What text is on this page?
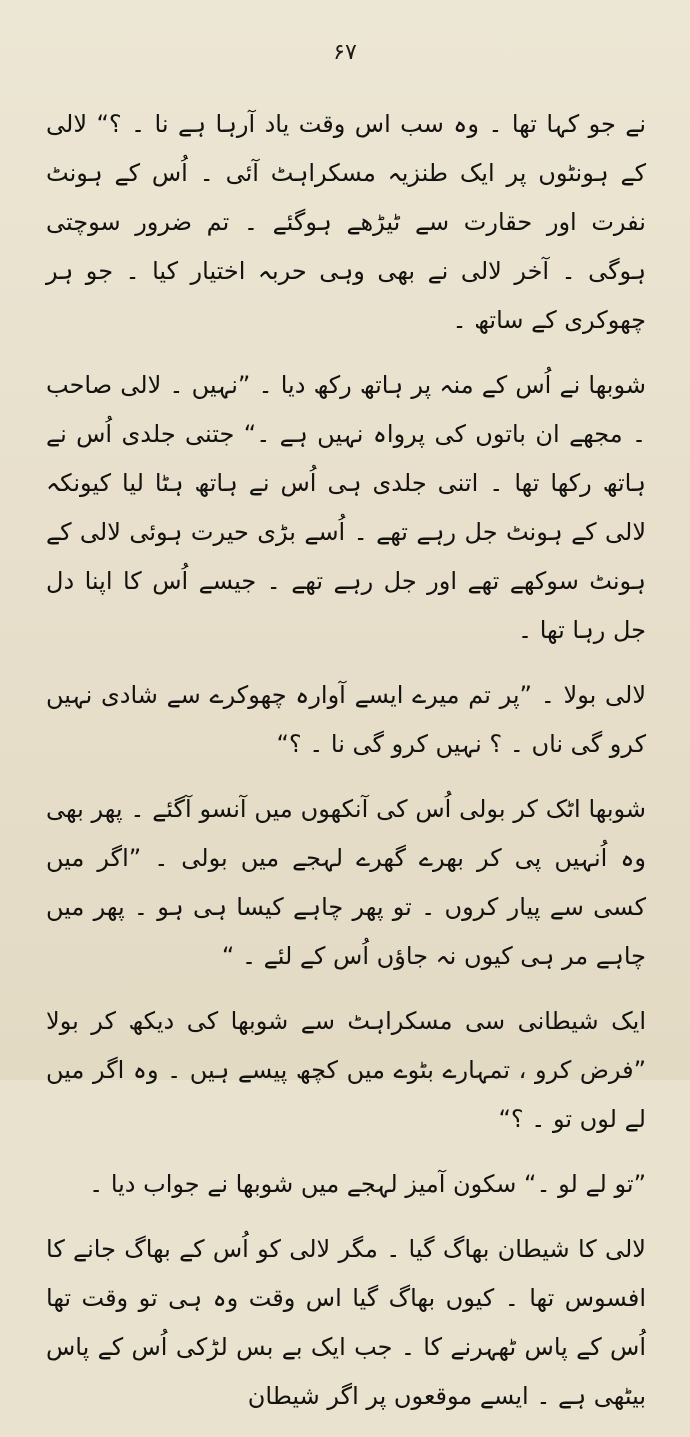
۶۷

نے جو کہا تھا ۔ وہ سب اس وقت یاد آرہا ہے نا ۔ ؟“ لالی کے ہونٹوں پر ایک طنزیہ مسکراہٹ آئی ۔ اُس کے ہونٹ نفرت اور حقارت سے ٹیڑھے ہوگئے ۔ تم ضرور سوچتی ہوگی ۔ آخر لالی نے بھی وہی حربہ اختیار کیا ۔ جو ہر چھوکری کے ساتھ ۔

شوبھا نے اُس کے منہ پر ہاتھ رکھ دیا ۔ ”نہیں ۔ لالی صاحب ۔ مجھے ان باتوں کی پرواہ نہیں ہے ۔“ جتنی جلدی اُس نے ہاتھ رکھا تھا ۔ اتنی جلدی ہی اُس نے ہاتھ ہٹا لیا کیونکہ لالی کے ہونٹ جل رہے تھے ۔ اُسے بڑی حیرت ہوئی لالی کے ہونٹ سوکھے تھے اور جل رہے تھے ۔ جیسے اُس کا اپنا دل جل رہا تھا ۔

لالی بولا ۔ ”پر تم میرے ایسے آوارہ چھوکرے سے شادی نہیں کرو گی ناں ۔ ؟ نہیں کرو گی نا ۔ ؟“

شوبھا اٹک کر بولی اُس کی آنکھوں میں آنسو آگئے ۔ پھر بھی وہ اُنہیں پی کر بھرے گھرے لہجے میں بولی ۔ ”اگر میں کسی سے پیار کروں ۔ تو پھر چاہے کیسا ہی ہو ۔ پھر میں چاہے مر ہی کیوں نہ جاؤں اُس کے لئے ۔ “

ایک شیطانی سی مسکراہٹ سے شوبھا کی دیکھ کر بولا ”فرض کرو ، تمہارے بٹوے میں کچھ پیسے ہیں ۔ وہ اگر میں لے لوں تو ۔ ؟“

”تو لے لو ۔“ سکون آمیز لہجے میں شوبھا نے جواب دیا ۔

لالی کا شیطان بھاگ گیا ۔ مگر لالی کو اُس کے بھاگ جانے کا افسوس تھا ۔ کیوں بھاگ گیا اس وقت وہ ہی تو وقت تھا اُس کے پاس ٹھہرنے کا ۔ جب ایک بے بس لڑکی اُس کے پاس بیٹھی ہے ۔ ایسے موقعوں پر اگر شیطان
